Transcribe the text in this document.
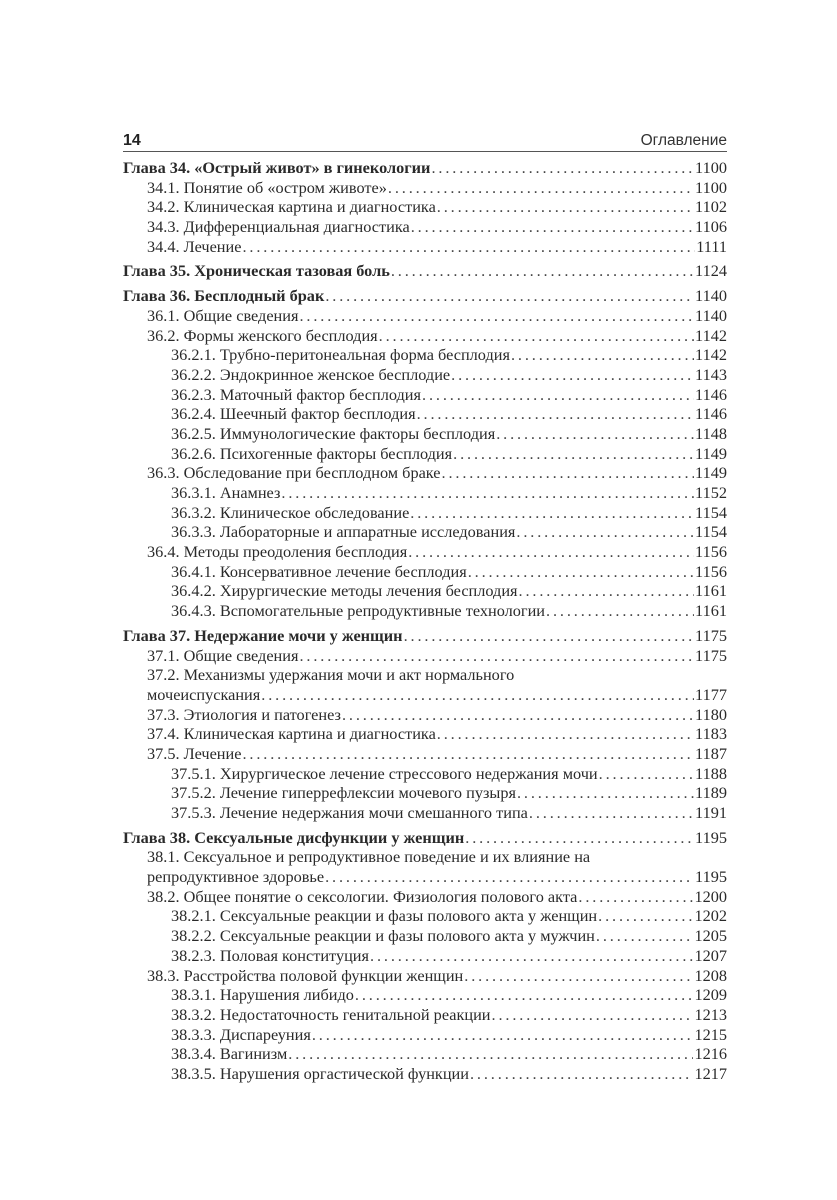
14	Оглавление
Глава 34. «Острый живот» в гинекологии . . .	1100
34.1. Понятие об «остром животе» . . .	1100
34.2. Клиническая картина и диагностика . . .	1102
34.3. Дифференциальная диагностика . . .	1106
34.4. Лечение . . .	1111
Глава 35. Хроническая тазовая боль . . .	1124
Глава 36. Бесплодный брак . . .	1140
36.1. Общие сведения . . .	1140
36.2. Формы женского бесплодия . . .	1142
36.2.1. Трубно-перитонеальная форма бесплодия . . .	1142
36.2.2. Эндокринное женское бесплодие . . .	1143
36.2.3. Маточный фактор бесплодия . . .	1146
36.2.4. Шеечный фактор бесплодия . . .	1146
36.2.5. Иммунологические факторы бесплодия . . .	1148
36.2.6. Психогенные факторы бесплодия . . .	1149
36.3. Обследование при бесплодном браке . . .	1149
36.3.1. Анамнез . . .	1152
36.3.2. Клиническое обследование . . .	1154
36.3.3. Лабораторные и аппаратные исследования . . .	1154
36.4. Методы преодоления бесплодия . . .	1156
36.4.1. Консервативное лечение бесплодия . . .	1156
36.4.2. Хирургические методы лечения бесплодия . . .	1161
36.4.3. Вспомогательные репродуктивные технологии . . .	1161
Глава 37. Недержание мочи у женщин . . .	1175
37.1. Общие сведения . . .	1175
37.2. Механизмы удержания мочи и акт нормального
мочеиспускания . . .	1177
37.3. Этиология и патогенез . . .	1180
37.4. Клиническая картина и диагностика . . .	1183
37.5. Лечение . . .	1187
37.5.1. Хирургическое лечение стрессового недержания мочи . . .	1188
37.5.2. Лечение гиперрефлексии мочевого пузыря . . .	1189
37.5.3. Лечение недержания мочи смешанного типа . . .	1191
Глава 38. Сексуальные дисфункции у женщин . . .	1195
38.1. Сексуальное и репродуктивное поведение и их влияние на
репродуктивное здоровье . . .	1195
38.2. Общее понятие о сексологии. Физиология полового акта . . .	1200
38.2.1. Сексуальные реакции и фазы полового акта у женщин . . .	1202
38.2.2. Сексуальные реакции и фазы полового акта у мужчин . . .	1205
38.2.3. Половая конституция . . .	1207
38.3. Расстройства половой функции женщин . . .	1208
38.3.1. Нарушения либидо . . .	1209
38.3.2. Недостаточность генитальной реакции . . .	1213
38.3.3. Диспареуния . . .	1215
38.3.4. Вагинизм . . .	1216
38.3.5. Нарушения оргастической функции . . .	1217
